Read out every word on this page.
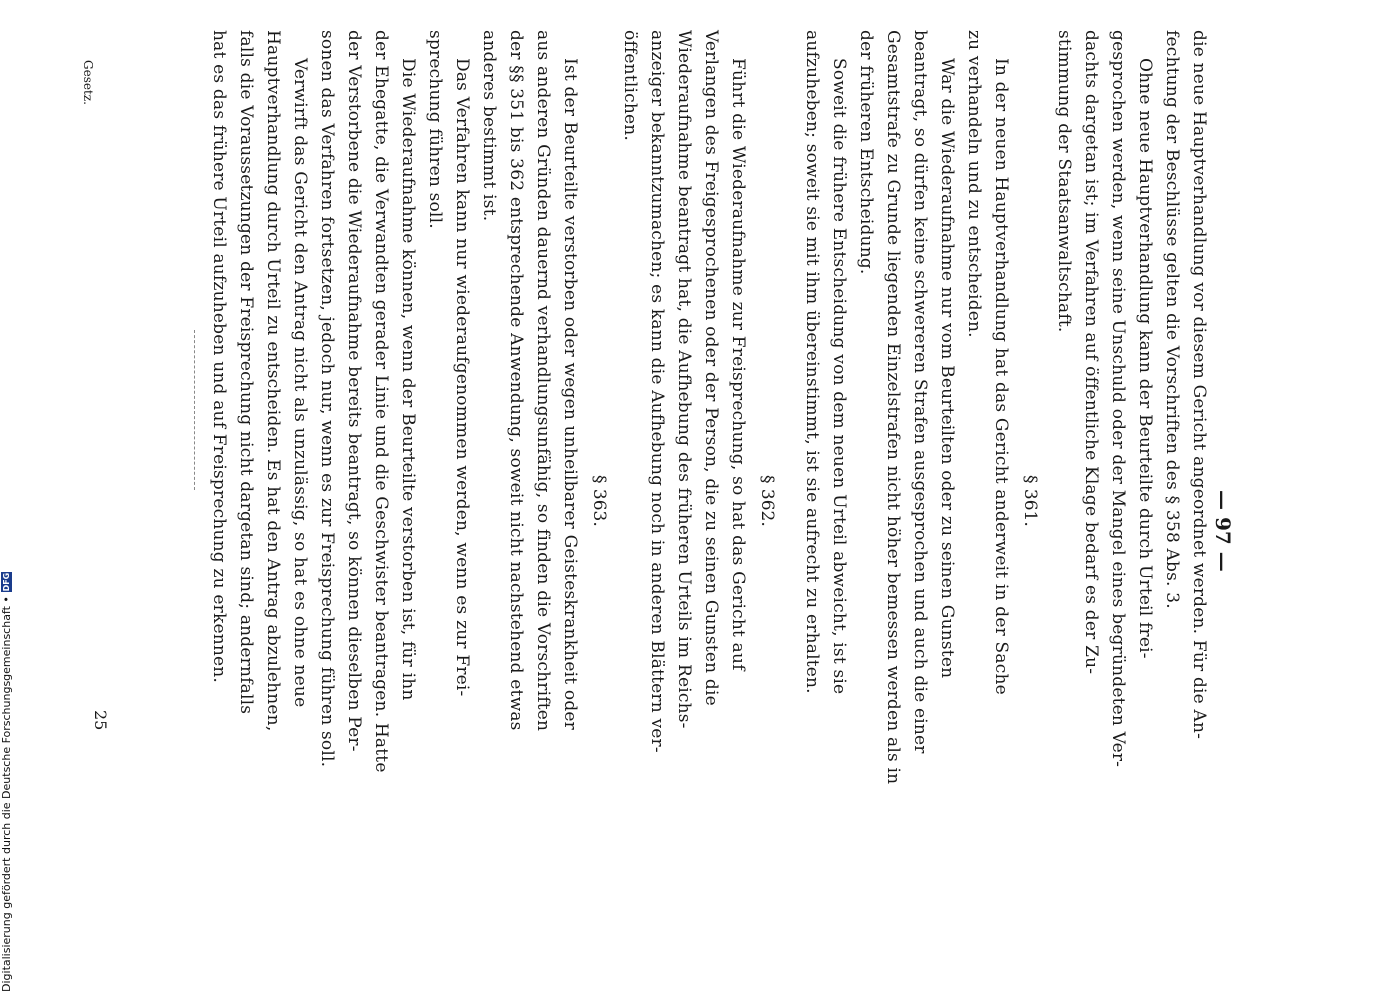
— 97 —
die neue Hauptverhandlung vor diesem Gericht angeordnet werden. Für die An-
fechtung der Beschlüsse gelten die Vorschriften des § 358 Abs. 3.
Ohne neue Hauptverhandlung kann der Beurteilte durch Urteil frei-
gesprochen werden, wenn seine Unschuld oder der Mangel eines begründeten Ver-
dachts dargetan ist; im Verfahren auf öffentliche Klage bedarf es der Zu-
stimmung der Staatsanwaltschaft.
§ 361.
In der neuen Hauptverhandlung hat das Gericht anderweit in der Sache
zu verhandeln und zu entscheiden.
War die Wiederaufnahme nur vom Beurteilten oder zu seinen Gunsten
beantragt, so dürfen keine schwereren Strafen ausgesprochen und auch die einer
Gesamtstrafe zu Grunde liegenden Einzelstrafen nicht höher bemessen werden als in
der früheren Entscheidung.
Soweit die frühere Entscheidung von dem neuen Urteil abweicht, ist sie
aufzuheben; soweit sie mit ihm übereinstimmt, ist sie aufrecht zu erhalten.
§ 362.
Führt die Wiederaufnahme zur Freisprechung, so hat das Gericht auf
Verlangen des Freigesprochenen oder der Person, die zu seinen Gunsten die
Wiederaufnahme beantragt hat, die Aufhebung des früheren Urteils im Reichs-
anzeiger bekanntzumachen; es kann die Aufhebung noch in anderen Blättern ver-
öffentlichen.
§ 363.
Ist der Beurteilte verstorben oder wegen unheilbarer Geisteskrankheit oder
aus anderen Gründen dauernd verhandlungsunfähig, so finden die Vorschriften
der §§ 351 bis 362 entsprechende Anwendung, soweit nicht nachstehend etwas
anderes bestimmt ist.
Das Verfahren kann nur wiederaufgenommen werden, wenn es zur Frei-
sprechung führen soll.
Die Wiederaufnahme können, wenn der Beurteilte verstorben ist, für ihn
der Ehegatte, die Verwandten gerader Linie und die Geschwister beantragen. Hatte
der Verstorbene die Wiederaufnahme bereits beantragt, so können dieselben Per-
sonen das Verfahren fortsetzen, jedoch nur, wenn es zur Freisprechung führen soll.
Verwirft das Gericht den Antrag nicht als unzulässig, so hat es ohne neue
Hauptverhandlung durch Urteil zu entscheiden. Es hat den Antrag abzulehnen,
falls die Voraussetzungen der Freisprechung nicht dargetan sind; andernfalls
hat es das frühere Urteil aufzuheben und auf Freisprechung zu erkennen.
25
Gesetz.
Digitalisierung gefördert durch die Deutsche Forschungsgemeinschaft •
DFG
